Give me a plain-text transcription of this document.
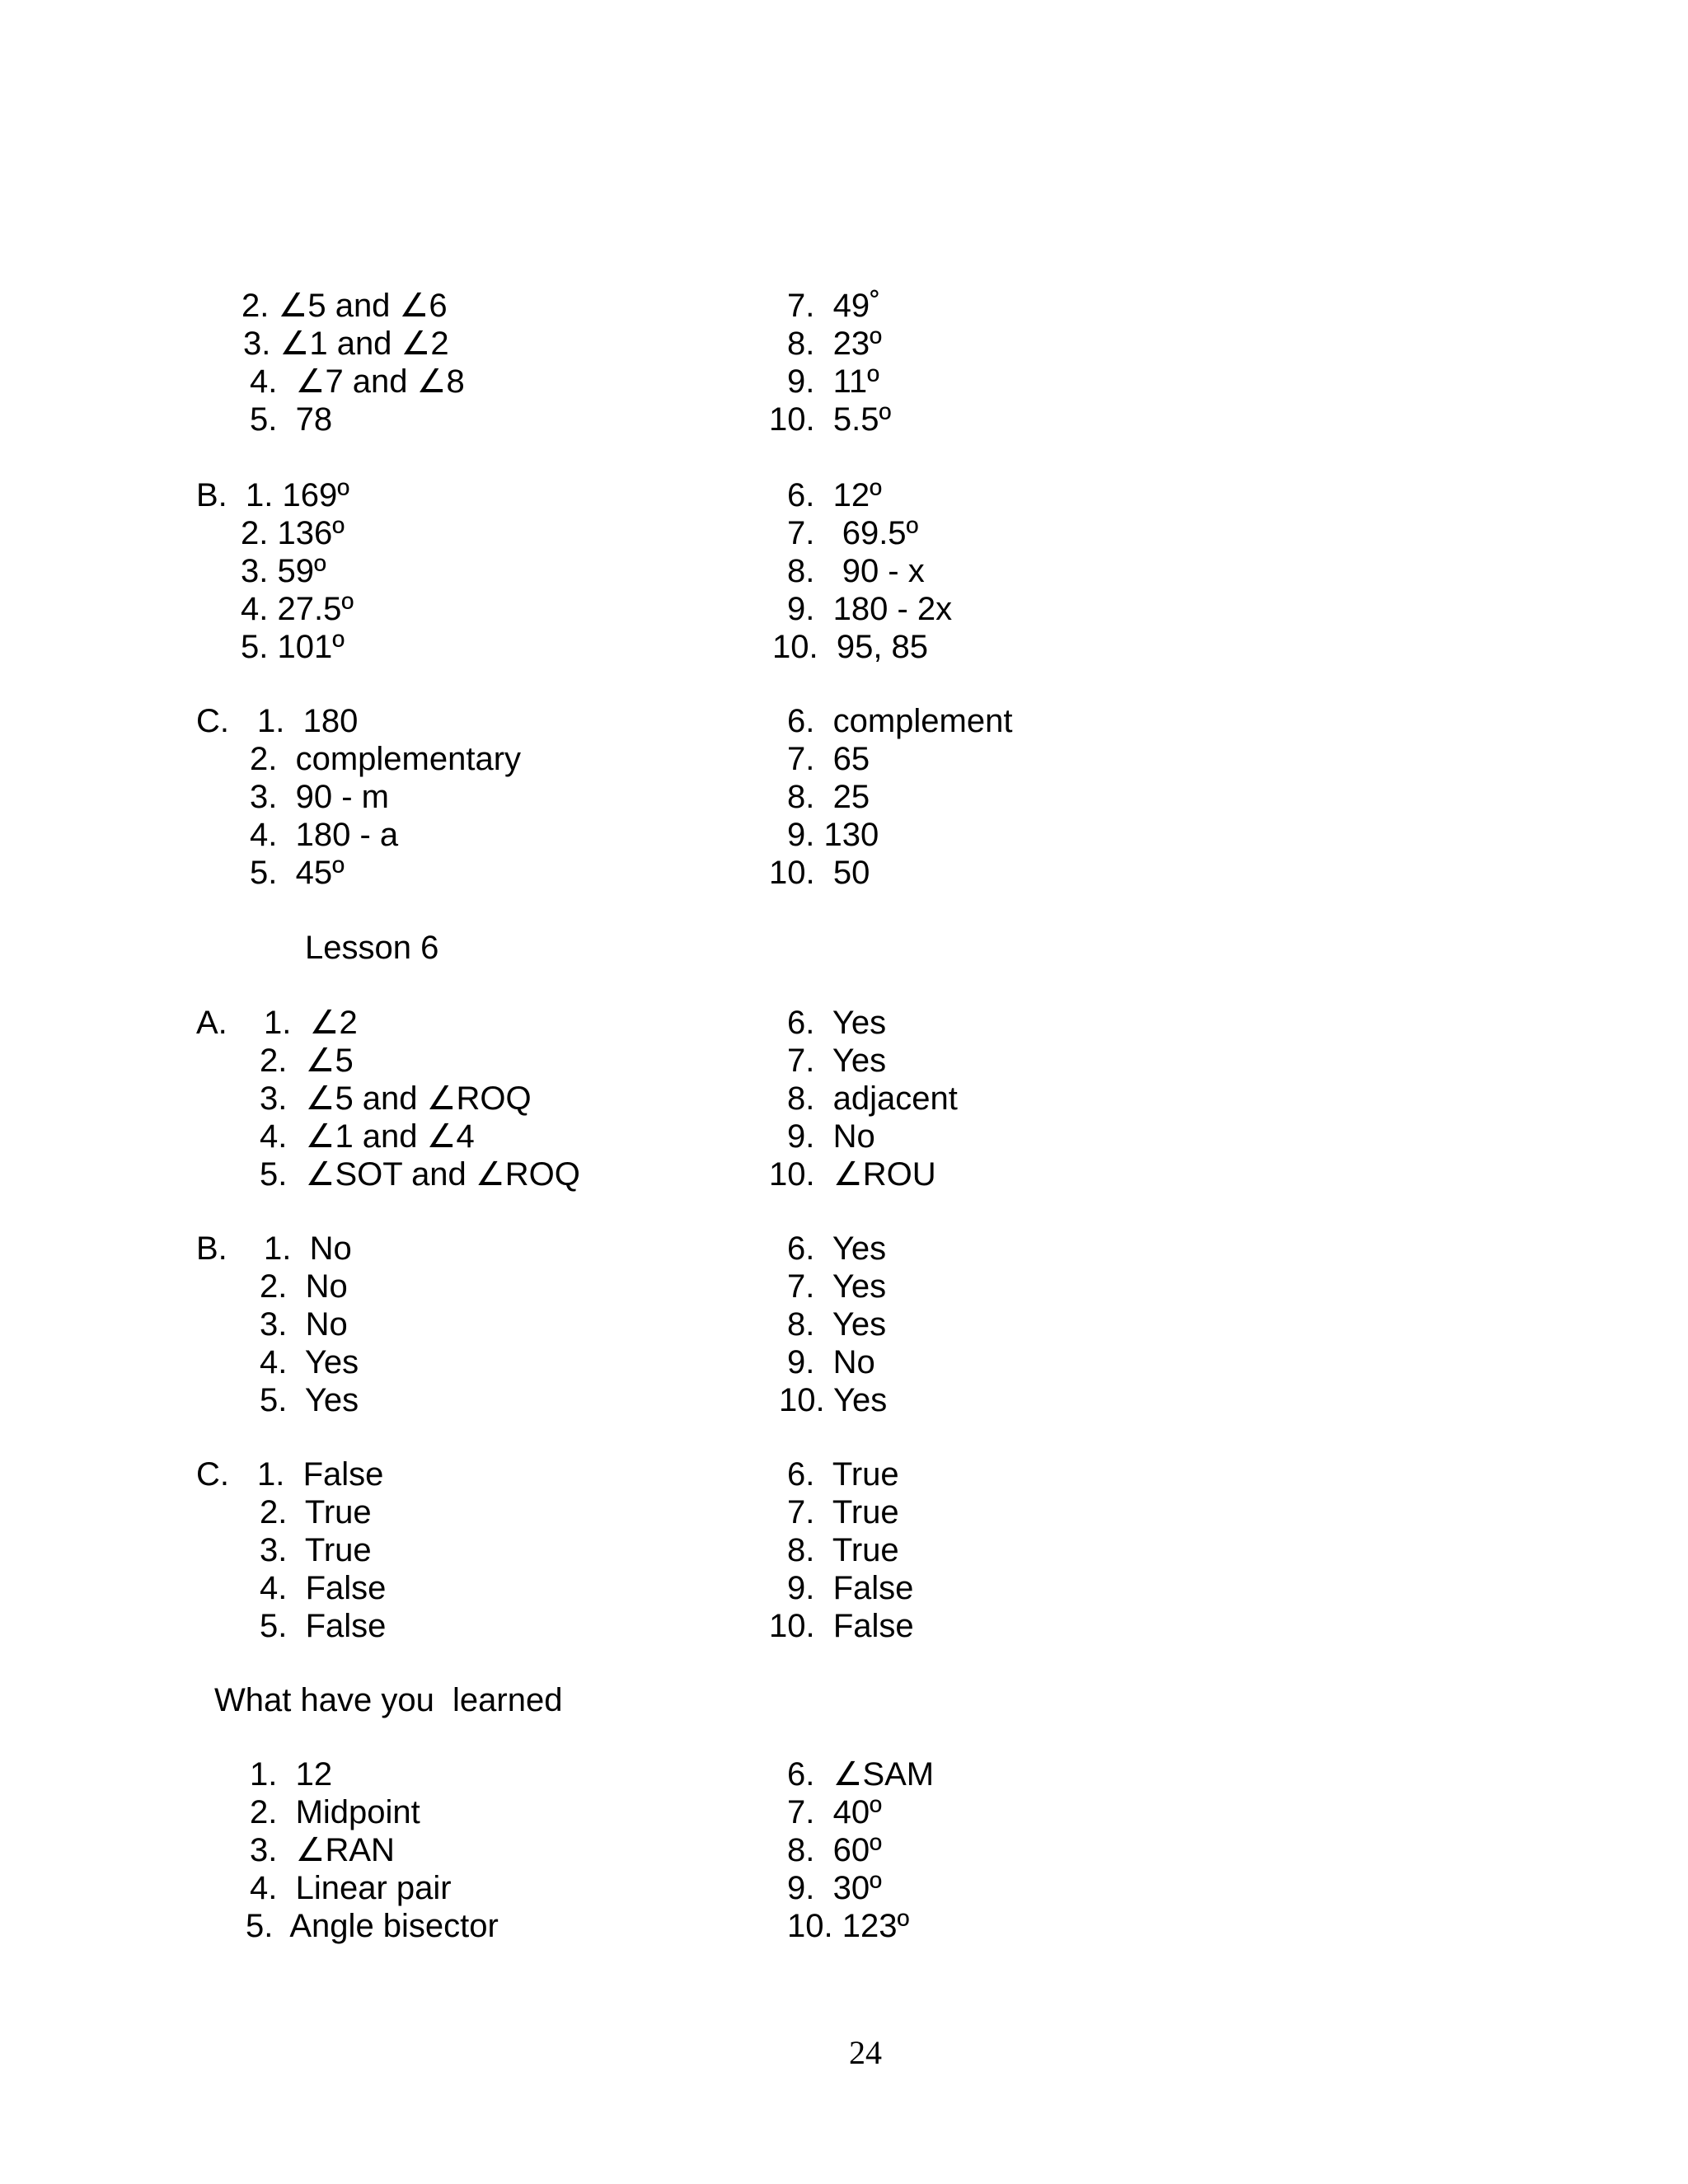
2. ∠5 and ∠6
3. ∠1 and ∠2
4.  ∠7 and ∠8
5.  78
7.  49˚
8.  23º
9.  11º
10.  5.5º
B. 1. 169º
2. 136º
3. 59º
4. 27.5º
5. 101º
6.  12º
7.   69.5º
8.   90 - x
9.  180 - 2x
10.  95, 85
C. 1.  180
2.  complementary
3.  90 - m
4.  180 - a
5.  45º
6.  complement
7.  65
8.  25
9. 130
10.  50
Lesson 6
A. 1.  ∠2
2.  ∠5
3.  ∠5 and ∠ROQ
4.  ∠1 and ∠4
5.  ∠SOT and ∠ROQ
6.  Yes
7.  Yes
8.  adjacent
9.  No
10.  ∠ROU
B. 1.  No
2.  No
3.  No
4.  Yes
5.  Yes
6.  Yes
7.  Yes
8.  Yes
9.  No
10. Yes
C. 1.  False
2.  True
3.  True
4.  False
5.  False
6.  True
7.  True
8.  True
9.  False
10.  False
What have you  learned
1.  12
2.  Midpoint
3.  ∠RAN
4.  Linear pair
5.  Angle bisector
6.  ∠SAM
7.  40º
8.  60º
9.  30º
10. 123º
24
